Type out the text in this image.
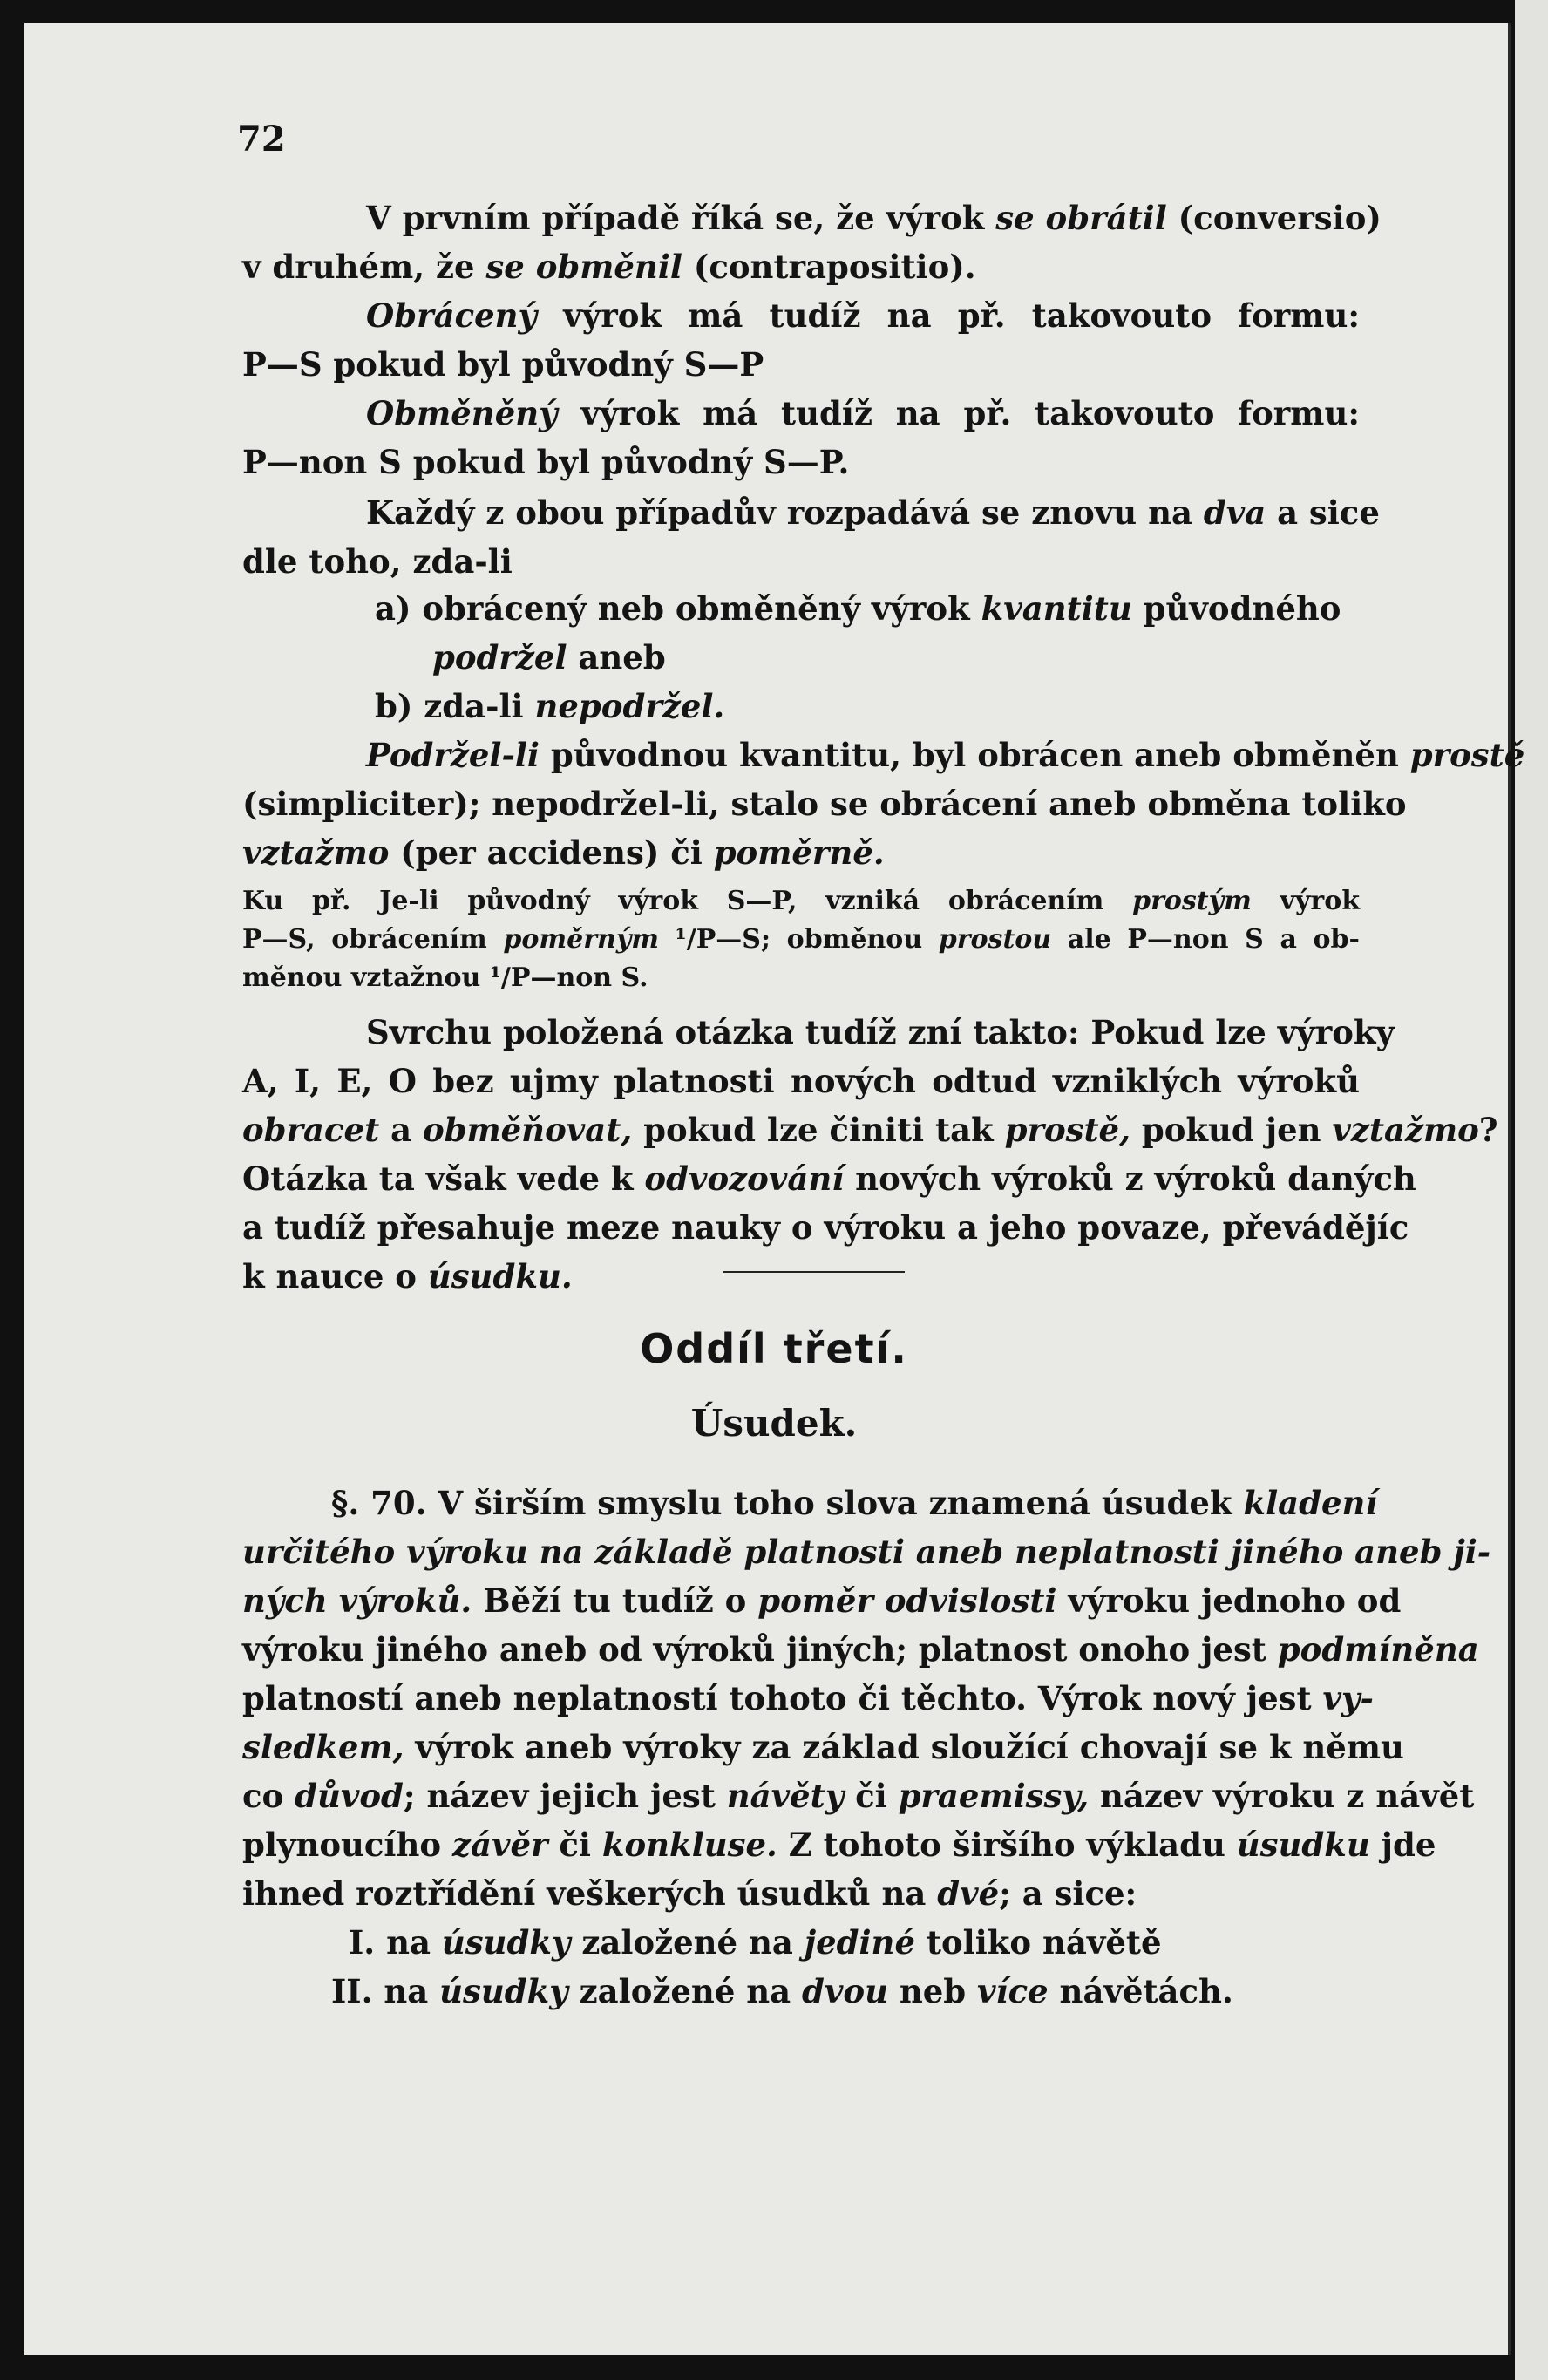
72
V prvním případě říká se, že výrok se obrátil (conversio)
v druhém, že se obměnil (contrapositio).
Obrácený výrok má tudíž na př. takovouto formu:
P—S pokud byl původný S—P
Obměněný výrok má tudíž na př. takovouto formu:
P—non S pokud byl původný S—P.
Každý z obou případův rozpadává se znovu na dva a sice
dle toho, zda-li
a) obrácený neb obměněný výrok kvantitu původného
podržel aneb
b) zda-li nepodržel.
Podržel-li původnou kvantitu, byl obrácen aneb obměněn prostě
(simpliciter); nepodržel-li, stalo se obrácení aneb obměna toliko
vztažmo (per accidens) či poměrně.
Ku př. Je-li původný výrok S—P, vzniká obrácením prostým výrok
P—S, obrácením poměrným ¹/P—S; obměnou prostou ale P—non S a ob-
měnou vztažnou ¹/P—non S.
Svrchu položená otázka tudíž zní takto: Pokud lze výroky
A, I, E, O bez ujmy platnosti nových odtud vzniklých výroků
obracet a obměňovat, pokud lze činiti tak prostě, pokud jen vztažmo?
Otázka ta však vede k odvozování nových výroků z výroků daných
a tudíž přesahuje meze nauky o výroku a jeho povaze, převádějíc
k nauce o úsudku.
Oddíl třetí.
Úsudek.
§. 70. V širším smyslu toho slova znamená úsudek kladení
určitého výroku na základě platnosti aneb neplatnosti jiného aneb ji-
ných výroků. Běží tu tudíž o poměr odvislosti výroku jednoho od
výroku jiného aneb od výroků jiných; platnost onoho jest podmíněna
platností aneb neplatností tohoto či těchto. Výrok nový jest vy-
sledkem, výrok aneb výroky za základ sloužící chovají se k němu
co důvod; název jejich jest návěty či praemissy, název výroku z návět
plynoucího závěr či konkluse. Z tohoto širšího výkladu úsudku jde
ihned roztřídění veškerých úsudků na dvé; a sice:
I. na úsudky založené na jediné toliko návětě
II. na úsudky založené na dvou neb více návětách.
